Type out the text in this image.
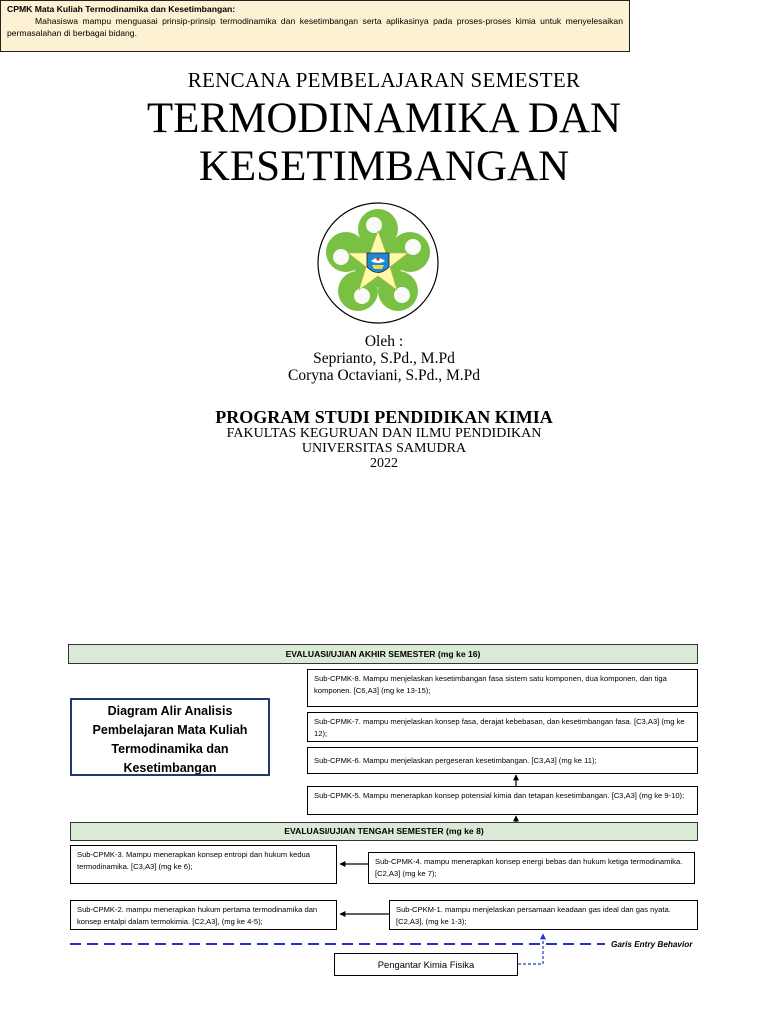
RENCANA PEMBELAJARAN SEMESTER
TERMODINAMIKA DAN
KESETIMBANGAN
Oleh :
Seprianto, S.Pd., M.Pd
Coryna Octaviani, S.Pd., M.Pd
PROGRAM STUDI PENDIDIKAN KIMIA
FAKULTAS KEGURUAN DAN ILMU PENDIDIKAN
UNIVERSITAS SAMUDRA
2022
CPMK Mata Kuliah Termodinamika dan Kesetimbangan:
Mahasiswa mampu menguasai prinsip-prinsip termodinamika dan kesetimbangan serta aplikasinya pada proses-proses kimia untuk menyelesaikan permasalahan di berbagai bidang.
EVALUASI/UJIAN AKHIR SEMESTER (mg ke 16)
Diagram Alir Analisis Pembelajaran Mata Kuliah Termodinamika dan Kesetimbangan
Sub-CPMK-8. Mampu menjelaskan kesetimbangan fasa sistem satu komponen, dua komponen, dan tiga komponen. [C6,A3] (mg ke 13-15);
Sub-CPMK-7. mampu menjelaskan konsep fasa, derajat kebebasan, dan kesetimbangan fasa. [C3,A3] (mg ke 12);
Sub-CPMK-6. Mampu menjelaskan pergeseran kesetimbangan. [C3,A3] (mg ke 11);
Sub-CPMK-5. Mampu menerapkan konsep potensial kimia dan tetapan kesetimbangan. [C3,A3] (mg ke 9-10);
EVALUASI/UJIAN TENGAH SEMESTER (mg ke 8)
Sub-CPMK-3. Mampu menerapkan konsep entropi dan hukum kedua termodinamika. [C3,A3] (mg ke 6);
Sub-CPMK-4. mampu menerapkan konsep energi bebas dan hukum ketiga termodinamika. [C2,A3] (mg ke 7);
Sub-CPMK-2. mampu menerapkan hukum pertama termodinamika dan konsep entalpi dalam termokimia. [C2,A3], (mg ke 4-5);
Sub-CPKM-1. mampu menjelaskan persamaan keadaan gas ideal dan gas nyata. [C2,A3], (mg ke 1-3);
Garis Entry Behavior
Pengantar Kimia Fisika
